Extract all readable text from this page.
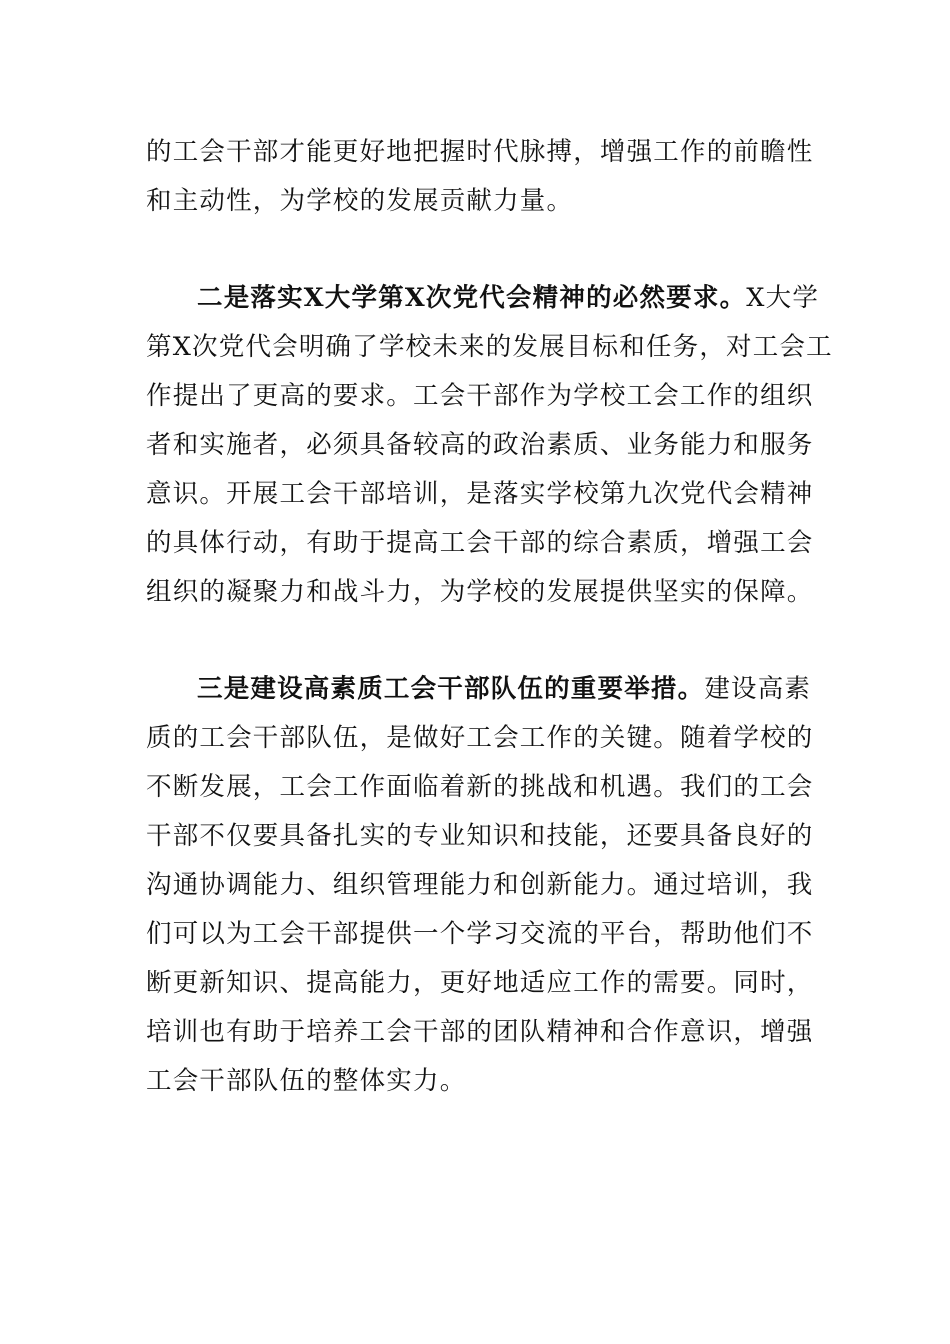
的工会干部才能更好地把握时代脉搏，增强工作的前瞻性
和主动性，为学校的发展贡献力量。
二是落实X大学第X次党代会精神的必然要求。X大学
第X次党代会明确了学校未来的发展目标和任务，对工会工
作提出了更高的要求。工会干部作为学校工会工作的组织
者和实施者，必须具备较高的政治素质、业务能力和服务
意识。开展工会干部培训，是落实学校第九次党代会精神
的具体行动，有助于提高工会干部的综合素质，增强工会
组织的凝聚力和战斗力，为学校的发展提供坚实的保障。
三是建设高素质工会干部队伍的重要举措。建设高素
质的工会干部队伍，是做好工会工作的关键。随着学校的
不断发展，工会工作面临着新的挑战和机遇。我们的工会
干部不仅要具备扎实的专业知识和技能，还要具备良好的
沟通协调能力、组织管理能力和创新能力。通过培训，我
们可以为工会干部提供一个学习交流的平台，帮助他们不
断更新知识、提高能力，更好地适应工作的需要。同时，
培训也有助于培养工会干部的团队精神和合作意识，增强
工会干部队伍的整体实力。
